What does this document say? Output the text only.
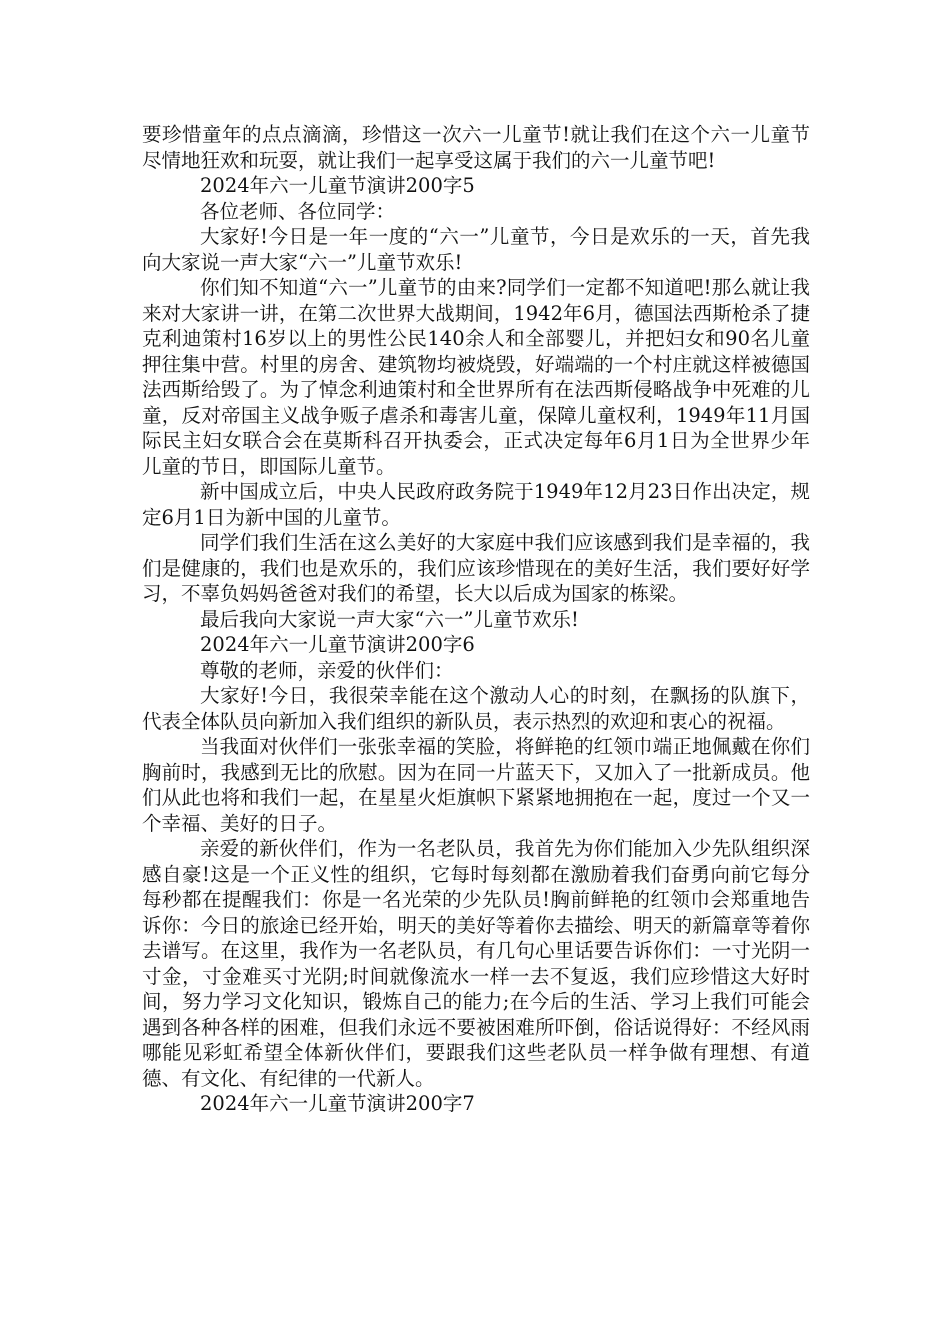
要珍惜童年的点点滴滴，珍惜这一次六一儿童节!就让我们在这个六一儿童节尽情地狂欢和玩耍，就让我们一起享受这属于我们的六一儿童节吧!

2024年六一儿童节演讲200字5

各位老师、各位同学：

大家好!今日是一年一度的“六一”儿童节，今日是欢乐的一天，首先我向大家说一声大家“六一”儿童节欢乐!

你们知不知道“六一”儿童节的由来?同学们一定都不知道吧!那么就让我来对大家讲一讲，在第二次世界大战期间，1942年6月，德国法西斯枪杀了捷克利迪策村16岁以上的男性公民140余人和全部婴儿，并把妇女和90名儿童押往集中营。村里的房舍、建筑物均被烧毁，好端端的一个村庄就这样被德国法西斯给毁了。为了悼念利迪策村和全世界所有在法西斯侵略战争中死难的儿童，反对帝国主义战争贩子虐杀和毒害儿童，保障儿童权利，1949年11月国际民主妇女联合会在莫斯科召开执委会，正式决定每年6月1日为全世界少年儿童的节日，即国际儿童节。

新中国成立后，中央人民政府政务院于1949年12月23日作出决定，规定6月1日为新中国的儿童节。

同学们我们生活在这么美好的大家庭中我们应该感到我们是幸福的，我们是健康的，我们也是欢乐的，我们应该珍惜现在的美好生活，我们要好好学习，不辜负妈妈爸爸对我们的希望，长大以后成为国家的栋梁。

最后我向大家说一声大家“六一”儿童节欢乐!

2024年六一儿童节演讲200字6

尊敬的老师，亲爱的伙伴们：

大家好!今日，我很荣幸能在这个激动人心的时刻，在飘扬的队旗下，代表全体队员向新加入我们组织的新队员，表示热烈的欢迎和衷心的祝福。

当我面对伙伴们一张张幸福的笑脸，将鲜艳的红领巾端正地佩戴在你们胸前时，我感到无比的欣慰。因为在同一片蓝天下，又加入了一批新成员。他们从此也将和我们一起，在星星火炬旗帜下紧紧地拥抱在一起，度过一个又一个幸福、美好的日子。

亲爱的新伙伴们，作为一名老队员，我首先为你们能加入少先队组织深感自豪!这是一个正义性的组织，它每时每刻都在激励着我们奋勇向前它每分每秒都在提醒我们：你是一名光荣的少先队员!胸前鲜艳的红领巾会郑重地告诉你：今日的旅途已经开始，明天的美好等着你去描绘、明天的新篇章等着你去谱写。在这里，我作为一名老队员，有几句心里话要告诉你们：一寸光阴一寸金，寸金难买寸光阴;时间就像流水一样一去不复返，我们应珍惜这大好时间，努力学习文化知识，锻炼自己的能力;在今后的生活、学习上我们可能会遇到各种各样的困难，但我们永远不要被困难所吓倒，俗话说得好：不经风雨哪能见彩虹希望全体新伙伴们，要跟我们这些老队员一样争做有理想、有道德、有文化、有纪律的一代新人。

2024年六一儿童节演讲200字7
